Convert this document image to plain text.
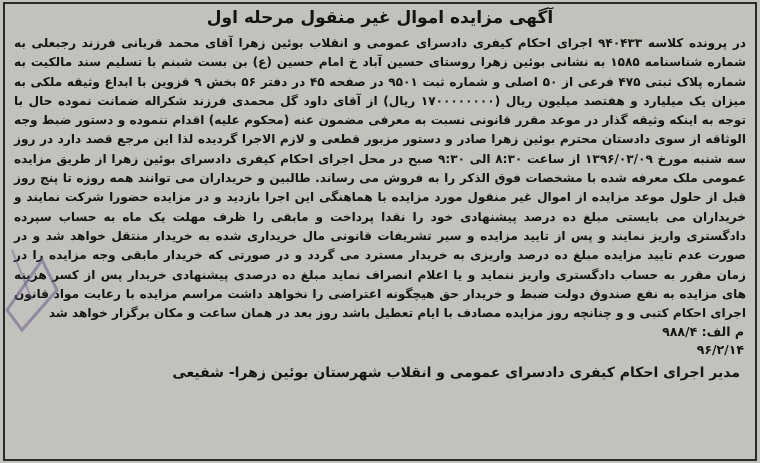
آگهی مزایده اموال غیر منقول مرحله اول

در پرونده کلاسه ۹۴۰۴۳۳ اجرای احکام کیفری دادسرای عمومی و انقلاب بوئین زهرا آقای محمد قربانی فرزند رجبعلی به شماره شناسنامه ۱۵۸۵ به نشانی بوئین زهرا روستای حسین آباد خ امام حسین (ع) بن بست شبنم با تسلیم سند مالکیت به شماره پلاک ثبتی ۴۷۵ فرعی از ۵۰ اصلی و شماره ثبت ۹۵۰۱ در صفحه ۴۵ در دفتر ۵۶ بخش ۹ قزوین با ابداع وثیقه ملکی به میزان یک میلیارد و هفتصد میلیون ریال (۱۷۰۰۰۰۰۰۰۰ ریال) از آقای داود گل محمدی فرزند شکراله ضمانت نموده حال با توجه به اینکه وثیقه گذار در موعد مقرر قانونی نسبت به معرفی مضمون عنه (محکوم علیه) اقدام ننموده و دستور ضبط وجه الوثاقه از سوی دادستان محترم بوئین زهرا صادر و دستور مزبور قطعی و لازم الاجرا گردیده لذا این مرجع قصد دارد در روز سه شنبه مورخ ۱۳۹۶/۰۳/۰۹ از ساعت ۸:۳۰ الی ۹:۳۰ صبح در محل اجرای احکام کیفری دادسرای بوئین زهرا از طریق مزایده عمومی ملک معرفه شده با مشخصات فوق الذکر را به فروش می رساند. طالبین و خریداران می توانند همه روزه تا پنج روز قبل از حلول موعد مزایده از اموال غیر منقول مورد مزایده با هماهنگی این اجرا بازدید و در مزایده حضورا شرکت نمایند و خریداران می بایستی مبلغ ده درصد پیشنهادی خود را نقدا پرداخت و مابقی را ظرف مهلت یک ماه به حساب سپرده دادگستری واریز نمایند و پس از تایید مزایده و سیر تشریفات قانونی مال خریداری شده به خریدار منتقل خواهد شد و در صورت عدم تایید مزایده مبلغ ده درصد واریزی به خریدار مسترد می گردد و در صورتی که خریدار مابقی وجه مزایده را در زمان مقرر به حساب دادگستری واریز ننماید و یا اعلام انصراف نماید مبلغ ده درصدی پیشنهادی خریدار پس از کسر هزینه های مزایده به نفع صندوق دولت ضبط و خریدار حق هیچگونه اعتراضی را نخواهد داشت مراسم مزایده با رعایت مواد قانون اجرای احکام کتبی و و چنانچه روز مزایده مصادف با ایام تعطیل باشد روز بعد در همان ساعت و مکان برگزار خواهد شد

م الف: ۹۸۸/۴
۹۶/۲/۱۴
مدیر اجرای احکام کیفری دادسرای عمومی و انقلاب شهرستان بوئین زهرا- شفیعی
